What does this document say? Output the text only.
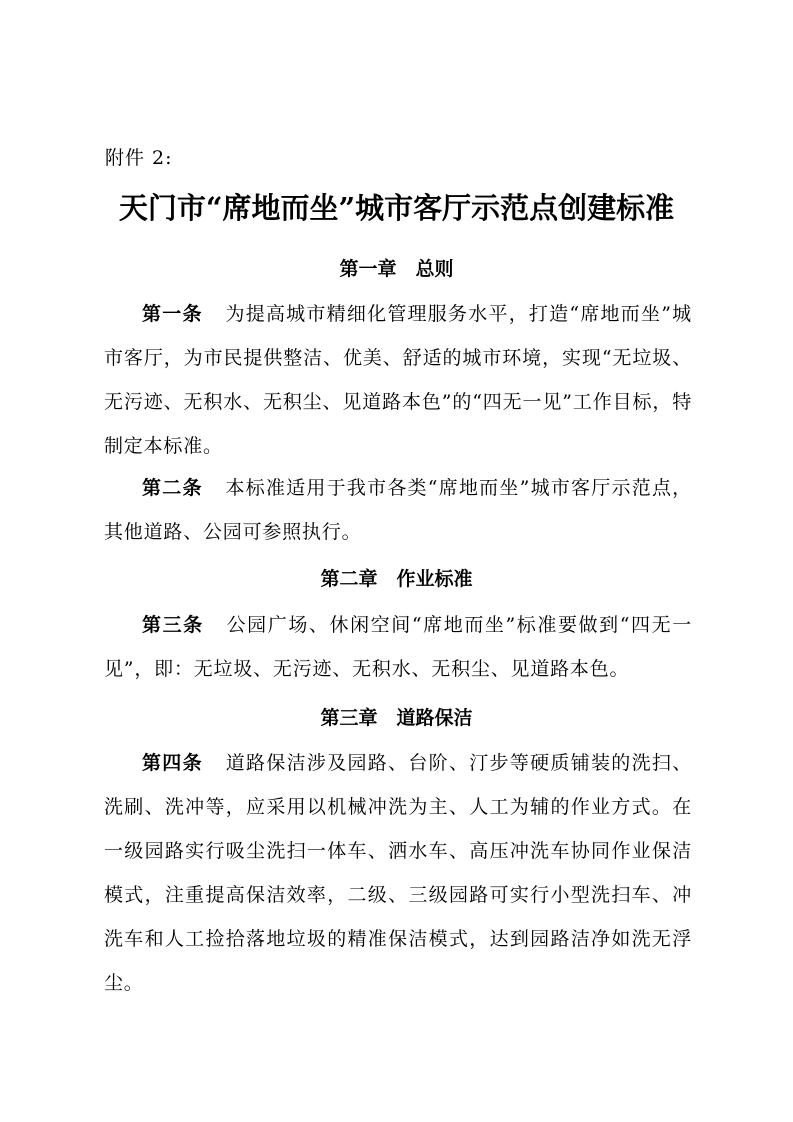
附件 2:
天门市“席地而坐”城市客厅示范点创建标准
第一章　总则

第一条 为提高城市精细化管理服务水平，打造“席地而坐”城市客厅，为市民提供整洁、优美、舒适的城市环境，实现“无垃圾、无污迹、无积水、无积尘、见道路本色”的“四无一见”工作目标，特制定本标准。

第二条 本标准适用于我市各类“席地而坐”城市客厅示范点，其他道路、公园可参照执行。

第二章　作业标准

第三条 公园广场、休闲空间“席地而坐”标准要做到“四无一见”，即：无垃圾、无污迹、无积水、无积尘、见道路本色。

第三章　道路保洁

第四条 道路保洁涉及园路、台阶、汀步等硬质铺装的洗扫、洗刷、洗冲等，应采用以机械冲洗为主、人工为辅的作业方式。在一级园路实行吸尘洗扫一体车、洒水车、高压冲洗车协同作业保洁模式，注重提高保洁效率，二级、三级园路可实行小型洗扫车、冲洗车和人工捡拾落地垃圾的精准保洁模式，达到园路洁净如洗无浮尘。
